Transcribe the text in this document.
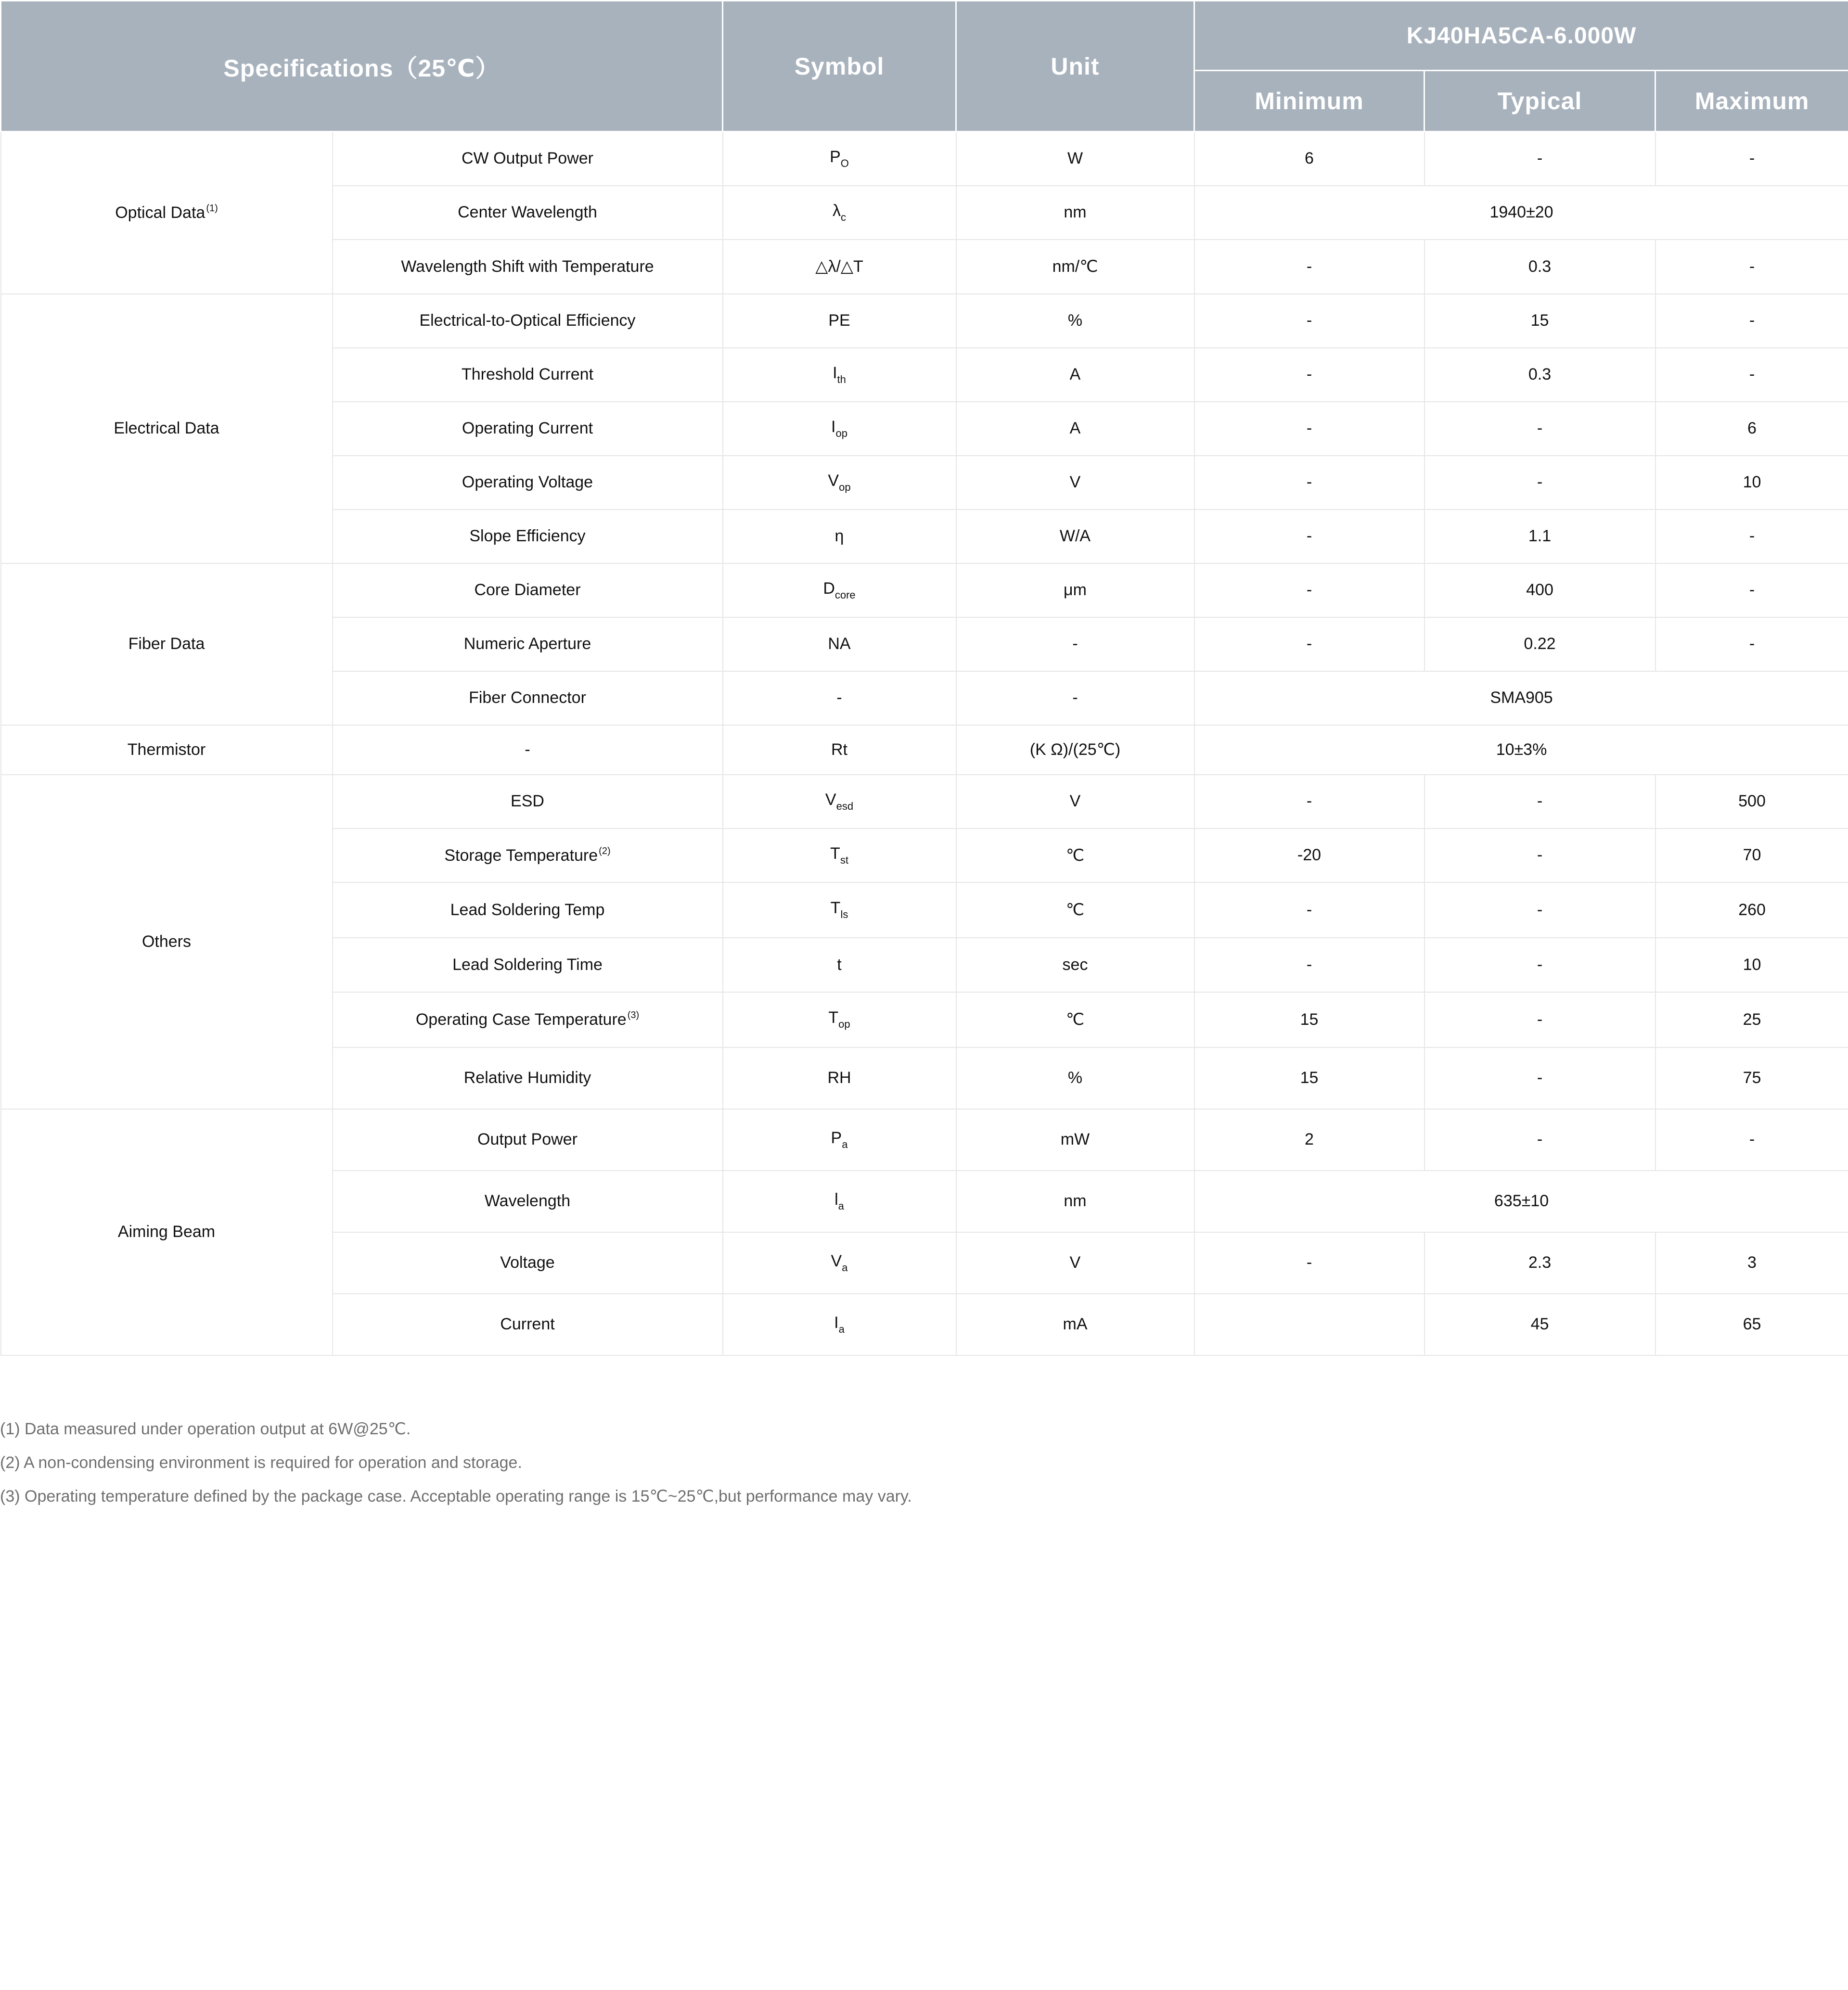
Specifications（25℃）		Symbol	Unit	KJ40HA5CA-6.000W		
				Minimum	Typical	Maximum
Optical Data $^{(1)}$	CW Output Power	$P_O$	W	6	-	-
	Center Wavelength	$\lambda_c$	nm	1940±20		
	Wavelength Shift with Temperature	△λ/△T	nm/℃	-	0.3	-
Electrical Data	Electrical-to-Optical Efficiency	PE	%	-	15	-
	Threshold Current	$I_{th}$	A	-	0.3	-
	Operating Current	$I_{op}$	A	-	-	6
	Operating Voltage	$V_{op}$	V	-	-	10
	Slope Efficiency	η	W/A	-	1.1	-
Fiber Data	Core Diameter	$D_{core}$	μm	-	400	-
	Numeric Aperture	NA	-	-	0.22	-
	Fiber Connector	-	-	SMA905		
Thermistor	-	Rt	(K Ω)/(25℃)	10±3%		
Others	ESD	$V_{esd}$	V	-	-	500
	Storage Temperature $^{(2)}$	$T_{st}$	℃	-20	-	70
	Lead Soldering Temp	$T_{ls}$	℃	-	-	260
	Lead Soldering Time	t	sec	-	-	10
	Operating Case Temperature $^{(3)}$	$T_{op}$	℃	15	-	25
	Relative Humidity	RH	%	15	-	75
Aiming Beam	Output Power	$P_a$	mW	2	-	-
	Wavelength	$l_a$	nm	635±10		
	Voltage	$V_a$	V	-	2.3	3
	Current	$I_a$	mA		45	65
(1) Data measured under operation output at 6W@25℃.
(2) A non-condensing environment is required for operation and storage.
(3) Operating temperature defined by the package case. Acceptable operating range is 15℃~25℃,but performance may vary.
